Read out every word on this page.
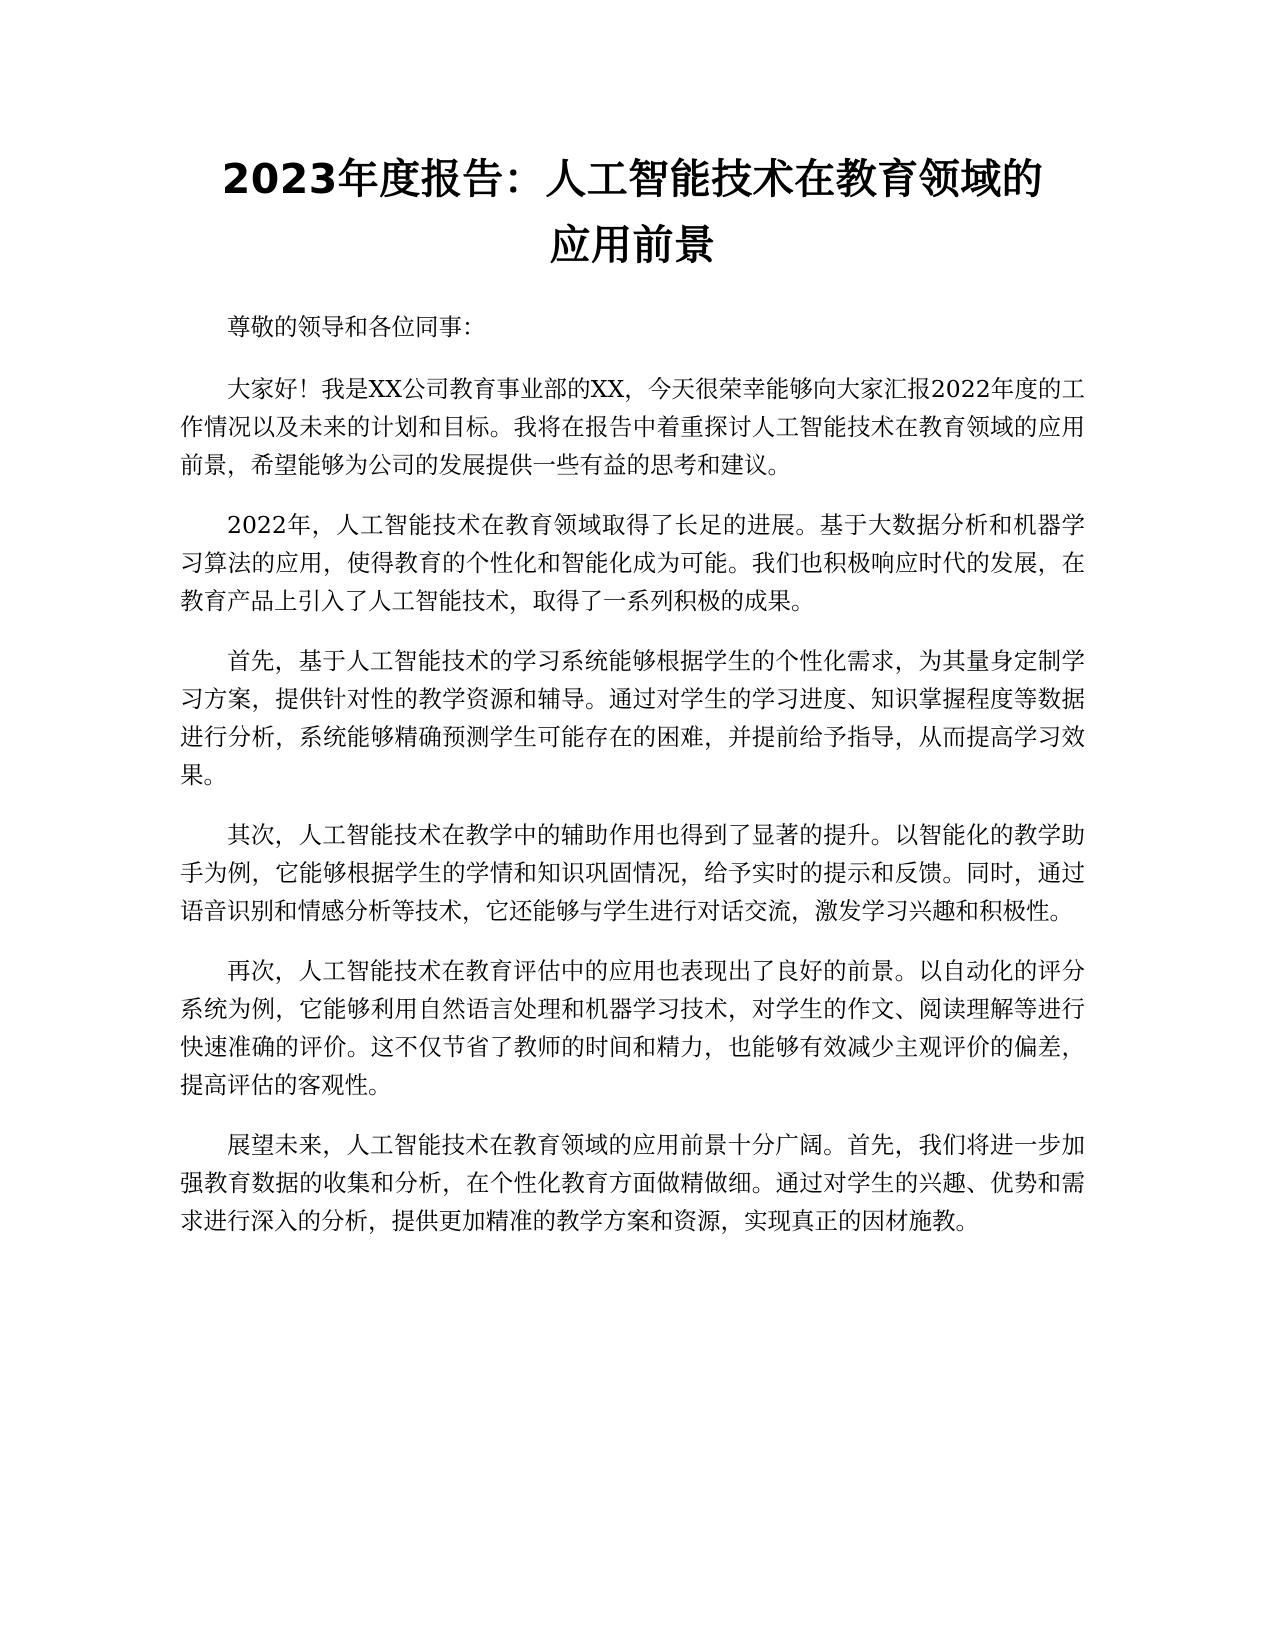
2023年度报告：人工智能技术在教育领域的
应用前景

尊敬的领导和各位同事：

大家好！我是XX公司教育事业部的XX，今天很荣幸能够向大家汇报2022年度的工作情况以及未来的计划和目标。我将在报告中着重探讨人工智能技术在教育领域的应用前景，希望能够为公司的发展提供一些有益的思考和建议。

2022年，人工智能技术在教育领域取得了长足的进展。基于大数据分析和机器学习算法的应用，使得教育的个性化和智能化成为可能。我们也积极响应时代的发展，在教育产品上引入了人工智能技术，取得了一系列积极的成果。

首先，基于人工智能技术的学习系统能够根据学生的个性化需求，为其量身定制学习方案，提供针对性的教学资源和辅导。通过对学生的学习进度、知识掌握程度等数据进行分析，系统能够精确预测学生可能存在的困难，并提前给予指导，从而提高学习效果。

其次，人工智能技术在教学中的辅助作用也得到了显著的提升。以智能化的教学助手为例，它能够根据学生的学情和知识巩固情况，给予实时的提示和反馈。同时，通过语音识别和情感分析等技术，它还能够与学生进行对话交流，激发学习兴趣和积极性。

再次，人工智能技术在教育评估中的应用也表现出了良好的前景。以自动化的评分系统为例，它能够利用自然语言处理和机器学习技术，对学生的作文、阅读理解等进行快速准确的评价。这不仅节省了教师的时间和精力，也能够有效减少主观评价的偏差，提高评估的客观性。

展望未来，人工智能技术在教育领域的应用前景十分广阔。首先，我们将进一步加强教育数据的收集和分析，在个性化教育方面做精做细。通过对学生的兴趣、优势和需求进行深入的分析，提供更加精准的教学方案和资源，实现真正的因材施教。
